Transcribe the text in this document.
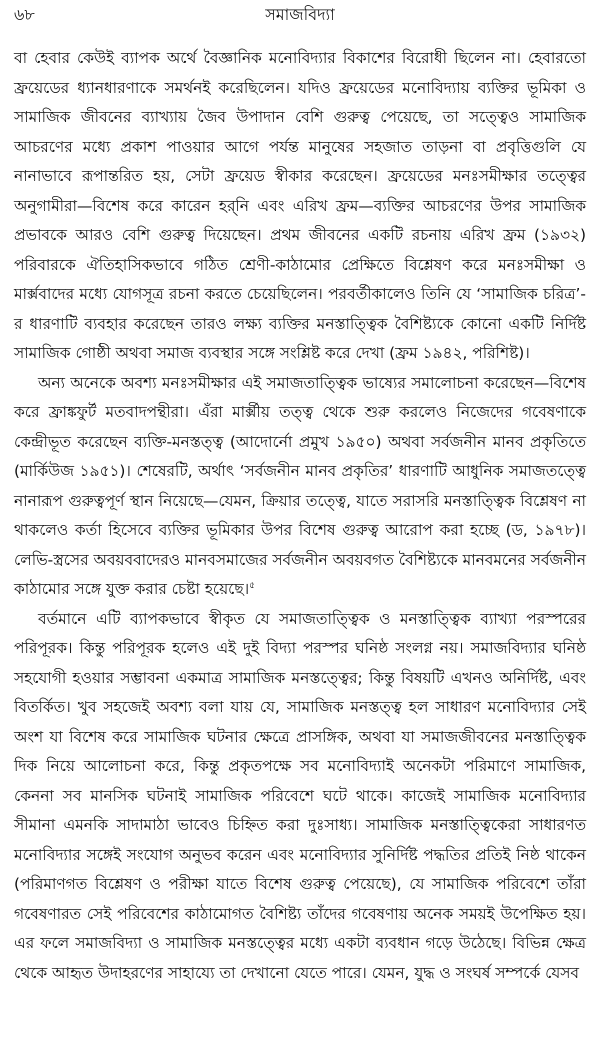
৬৮	সমাজবিদ্যা

বা হেবার কেউই ব্যাপক অর্থে বৈজ্ঞানিক মনোবিদ্যার বিকাশের বিরোধী ছিলেন না। হেবারতো ফ্রয়েডের ধ্যানধারণাকে সমর্থনই করেছিলেন। যদিও ফ্রয়েডের মনোবিদ্যায় ব্যক্তির ভূমিকা ও সামাজিক জীবনের ব্যাখ্যায় জৈব উপাদান বেশি গুরুত্ব পেয়েছে, তা সত্ত্বেও সামাজিক আচরণের মধ্যে প্রকাশ পাওয়ার আগে পর্যন্ত মানুষের সহজাত তাড়না বা প্রবৃত্তিগুলি যে নানাভাবে রূপান্তরিত হয়, সেটা ফ্রয়েড স্বীকার করেছেন। ফ্রয়েডের মনঃসমীক্ষার তত্ত্বের অনুগামীরা—বিশেষ করে কারেন হর্‌নি এবং এরিখ ফ্রম—ব্যক্তির আচরণের উপর সামাজিক প্রভাবকে আরও বেশি গুরুত্ব দিয়েছেন। প্রথম জীবনের একটি রচনায় এরিখ ফ্রম (১৯৩২) পরিবারকে ঐতিহাসিকভাবে গঠিত শ্রেণী-কাঠামোর প্রেক্ষিতে বিশ্লেষণ করে মনঃসমীক্ষা ও মার্ক্সবাদের মধ্যে যোগসূত্র রচনা করতে চেয়েছিলেন। পরবর্তীকালেও তিনি যে ‘সামাজিক চরিত্র’-র ধারণাটি ব্যবহার করেছেন তারও লক্ষ্য ব্যক্তির মনস্তাত্ত্বিক বৈশিষ্ট্যকে কোনো একটি নির্দিষ্ট সামাজিক গোষ্ঠী অথবা সমাজ ব্যবস্থার সঙ্গে সংশ্লিষ্ট করে দেখা (ফ্রম ১৯৪২, পরিশিষ্ট)।

অন্য অনেকে অবশ্য মনঃসমীক্ষার এই সমাজতাত্ত্বিক ভাষ্যের সমালোচনা করেছেন—বিশেষ করে ফ্রাঙ্কফুর্ট মতবাদপন্থীরা। এঁরা মার্ক্সীয় তত্ত্ব থেকে শুরু করলেও নিজেদের গবেষণাকে কেন্দ্রীভূত করেছেন ব্যক্তি-মনস্তত্ত্ব (আদোর্নো প্রমুখ ১৯৫০) অথবা সর্বজনীন মানব প্রকৃতিতে (মার্কিউজ ১৯৫১)। শেষেরটি, অর্থাৎ ‘সর্বজনীন মানব প্রকৃতির’ ধারণাটি আধুনিক সমাজতত্ত্বে নানারূপ গুরুত্বপূর্ণ স্থান নিয়েছে—যেমন, ক্রিয়ার তত্ত্বে, যাতে সরাসরি মনস্তাত্ত্বিক বিশ্লেষণ না থাকলেও কর্তা হিসেবে ব্যক্তির ভূমিকার উপর বিশেষ গুরুত্ব আরোপ করা হচ্ছে (ড, ১৯৭৮)। লেভি-স্ত্রসের অবয়ববাদেরও মানবসমাজের সর্বজনীন অবয়বগত বৈশিষ্ট্যকে মানবমনের সর্বজনীন কাঠামোর সঙ্গে যুক্ত করার চেষ্টা হয়েছে।$^৫$

বর্তমানে এটি ব্যাপকভাবে স্বীকৃত যে সমাজতাত্ত্বিক ও মনস্তাত্ত্বিক ব্যাখ্যা পরস্পরের পরিপূরক। কিন্তু পরিপূরক হলেও এই দুই বিদ্যা পরস্পর ঘনিষ্ঠ সংলগ্ন নয়। সমাজবিদ্যার ঘনিষ্ঠ সহযোগী হওয়ার সম্ভাবনা একমাত্র সামাজিক মনস্তত্ত্বের; কিন্তু বিষয়টি এখনও অনির্দিষ্ট, এবং বিতর্কিত। খুব সহজেই অবশ্য বলা যায় যে, সামাজিক মনস্তত্ত্ব হল সাধারণ মনোবিদ্যার সেই অংশ যা বিশেষ করে সামাজিক ঘটনার ক্ষেত্রে প্রাসঙ্গিক, অথবা যা সমাজজীবনের মনস্তাত্ত্বিক দিক নিয়ে আলোচনা করে, কিন্তু প্রকৃতপক্ষে সব মনোবিদ্যাই অনেকটা পরিমাণে সামাজিক, কেননা সব মানসিক ঘটনাই সামাজিক পরিবেশে ঘটে থাকে। কাজেই সামাজিক মনোবিদ্যার সীমানা এমনকি সাদামাঠা ভাবেও চিহ্নিত করা দুঃসাধ্য। সামাজিক মনস্তাত্ত্বিকেরা সাধারণত মনোবিদ্যার সঙ্গেই সংযোগ অনুভব করেন এবং মনোবিদ্যার সুনির্দিষ্ট পদ্ধতির প্রতিই নিষ্ঠ থাকেন (পরিমাণগত বিশ্লেষণ ও পরীক্ষা যাতে বিশেষ গুরুত্ব পেয়েছে), যে সামাজিক পরিবেশে তাঁরা গবেষণারত সেই পরিবেশের কাঠামোগত বৈশিষ্ট্য তাঁদের গবেষণায় অনেক সময়ই উপেক্ষিত হয়। এর ফলে সমাজবিদ্যা ও সামাজিক মনস্তত্ত্বের মধ্যে একটা ব্যবধান গড়ে উঠেছে। বিভিন্ন ক্ষেত্র থেকে আহৃত উদাহরণের সাহায্যে তা দেখানো যেতে পারে। যেমন, যুদ্ধ ও সংঘর্ষ সম্পর্কে যেসব
